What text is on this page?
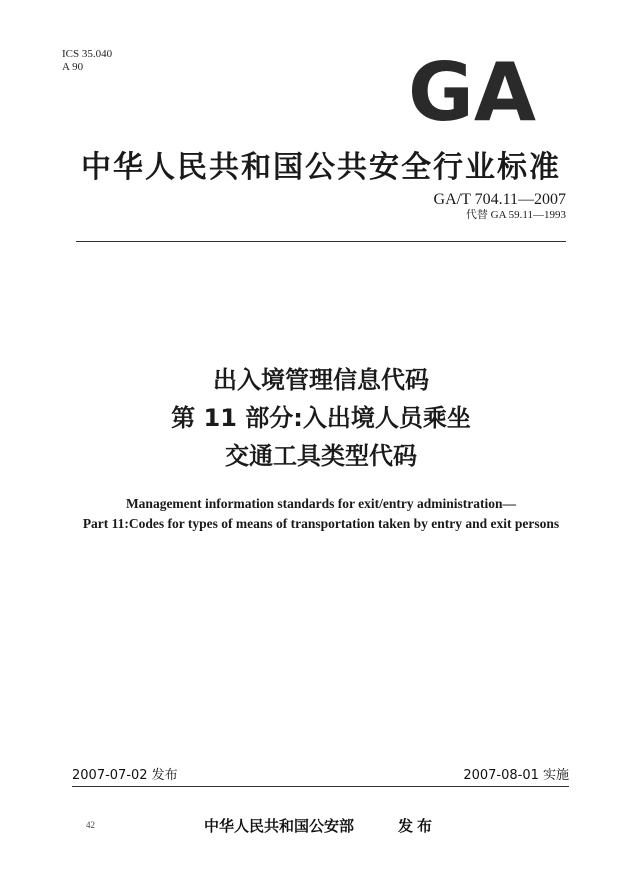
ICS 35.040
A 90	GA
中华人民共和国公共安全行业标准
GA/T 704.11—2007
代替 GA 59.11—1993
出入境管理信息代码
第 11 部分:入出境人员乘坐
交通工具类型代码
Management information standards for exit/entry administration—
Part 11:Codes for types of means of transportation taken by entry and exit persons
2007-07-02 发布	2007-08-01 实施
42	中华人民共和国公安部	发布
